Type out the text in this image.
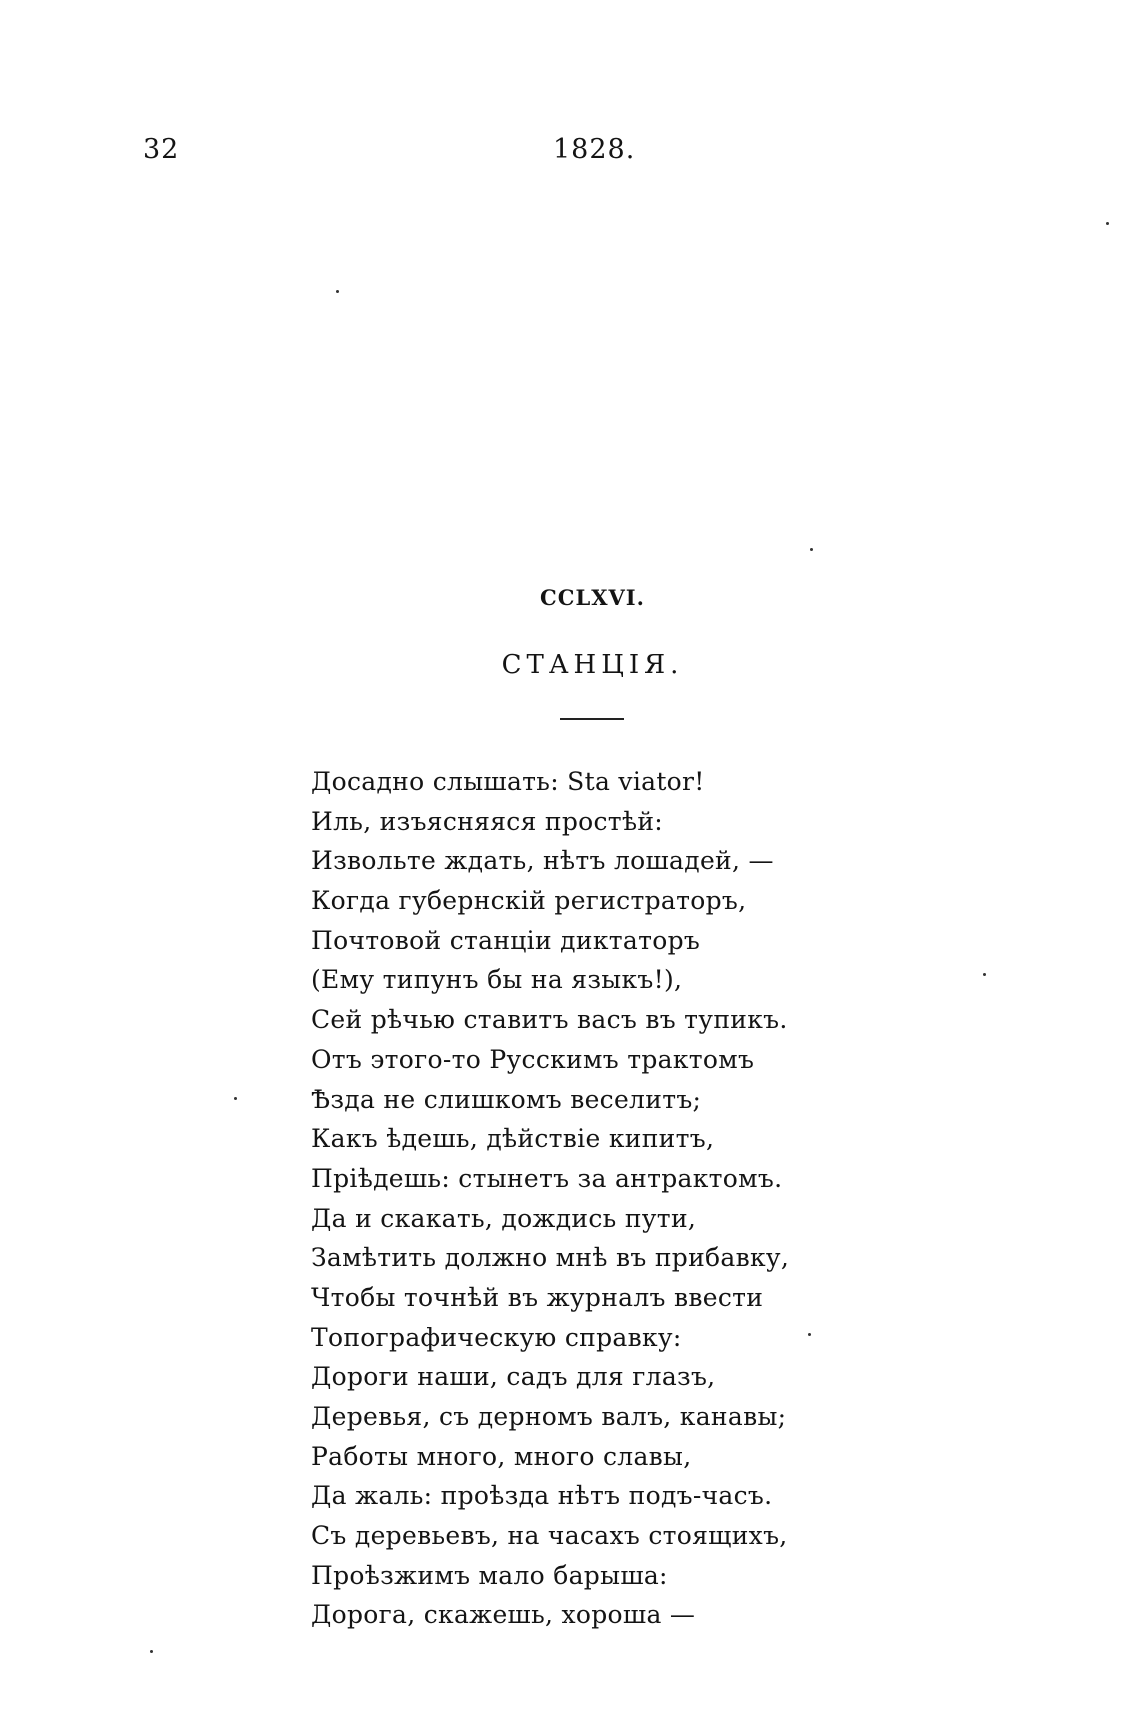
32	1828.
CCLXVI.
СТАНЦIЯ.
Досадно слышать: Sta viator!
Иль, изъясняяся простѣй:
Извольте ждать, нѣтъ лошадей, —
Когда губернскій регистраторъ,
Почтовой станціи диктаторъ
(Ему типунъ бы на языкъ!),
Сей рѣчью ставитъ васъ въ тупикъ.
Отъ этого-то Русскимъ трактомъ
Ѣзда не слишкомъ веселитъ;
Какъ ѣдешь, дѣйствіе кипитъ,
Пріѣдешь: стынетъ за антрактомъ.
Да и скакать, дождись пути,
Замѣтить должно мнѣ въ прибавку,
Чтобы точнѣй въ журналъ ввести
Топографическую справку:
Дороги наши, садъ для глазъ,
Деревья, съ дерномъ валъ, канавы;
Работы много, много славы,
Да жаль: проѣзда нѣтъ подъ-часъ.
Съ деревьевъ, на часахъ стоящихъ,
Проѣзжимъ мало барыша:
Дорога, скажешь, хороша —
